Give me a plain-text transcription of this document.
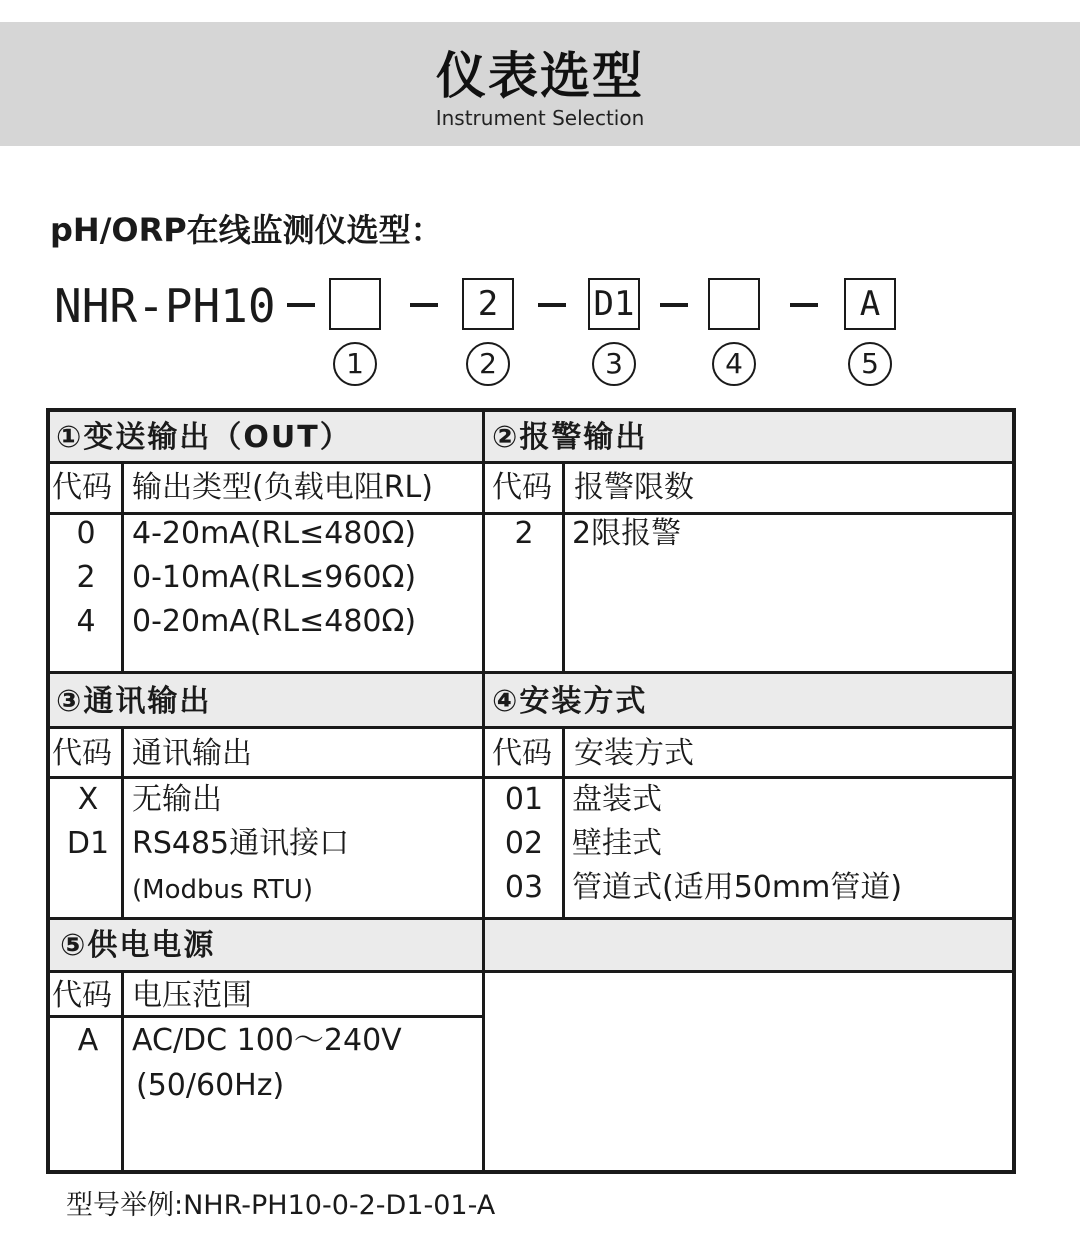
仪表选型
Instrument Selection
pH/ORP在线监测仪选型：
NHR-PH10	2	D1	A
1	2	3	4	5
①变送输出（OUT）
代码 输出类型(负载电阻RL)
0	4-20mA(RL≤480Ω)
2	0-10mA(RL≤960Ω)
4	0-20mA(RL≤480Ω)
②报警输出
代码 报警限数
2	2限报警
③通讯输出
代码 通讯输出
X	无输出
D1 RS485通讯接口
(Modbus RTU)
④安装方式
代码 安装方式
01 盘装式
02 壁挂式
03 管道式(适用50mm管道)
⑤供电电源
代码 电压范围
A	AC/DC 100～240V
(50/60Hz)
型号举例:NHR-PH10-0-2-D1-01-A
